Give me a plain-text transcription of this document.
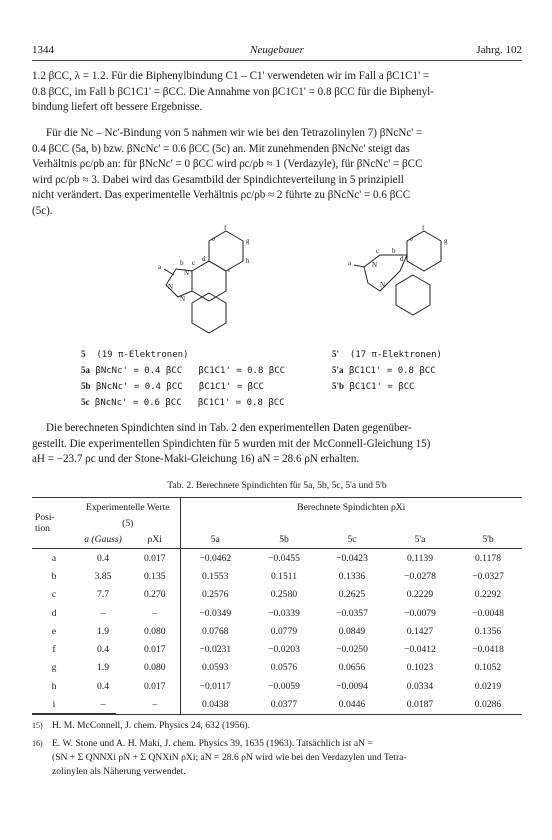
1344	Neugebauer	Jahrg. 102

1.2 βCC, λ = 1.2. Für die Biphenylbindung C1 – C1' verwendeten wir im Fall a βC1C1' =

0.8 βCC, im Fall b βC1C1' = βCC. Die Annahme von βC1C1' = 0.8 βCC für die Biphenyl-

bindung liefert oft bessere Ergebnisse.

Für die Nc – Nc'-Bindung von 5 nahmen wir wie bei den Tetrazolinylen 7) βNcNc' =

0.4 βCC (5a, b) bzw. βNcNc' = 0.6 βCC (5c) an. Mit zunehmenden βNcNc' steigt das

Verhältnis ρc/ρb an: für βNcNc' = 0 βCC wird ρc/ρb ≈ 1 (Verdazyle), für βNcNc' = βCC

wird ρc/ρb ≈ 3. Dabei wird das Gesamtbild der Spindichteverteilung in 5 prinzipiell

nicht verändert. Das experimentelle Verhältnis ρc/ρb ≈ 2 führte zu βNcNc' = 0.6 βCC

(5c).

f
g
h
i
e
d
b c
a
N
N
N
f
g
e
d
c b
a	N
N
5 (19 π-Elektronen)
5a βNcNc' = 0.4 βCC   βC1C1' = 0.8 βCC
5b βNcNc' = 0.4 βCC   βC1C1' = βCC
5c βNcNc' = 0.6 βCC   βC1C1' = 0.8 βCC
5' (17 π-Elektronen)
5'a βC1C1' = 0.8 βCC
5'b βC1C1' = βCC

Die berechneten Spindichten sind in Tab. 2 den experimentellen Daten gegenüber-

gestellt. Die experimentellen Spindichten für 5 wurden mit der McConnell-Gleichung 15)

aH = −23.7 ρc und der Stone-Maki-Gleichung 16) aN = 28.6 ρN erhalten.

Tab. 2. Berechnete Spindichten für 5a, 5b, 5c, 5'a und 5'b
Posi-
tion	Experimentelle Werte		Berechnete Spindichten ρXi				
	(5)						
	a (Gauss)	ρXi	5a	5b	5c	5'a	5'b
a	0.4	0.017	−0.0462	−0.0455	−0.0423	0.1139	0.1178
b	3.85	0.135	0.1553	0.1511	0.1336	−0.0278	−0.0327
c	7.7	0.270	0.2576	0.2580	0.2625	0.2229	0.2292
d	–	–	−0.0349	−0.0339	−0.0357	−0.0079	−0.0048
e	1.9	0.080	0.0768	0.0779	0.0849	0.1427	0.1356
f	0.4	0.017	−0.0231	−0.0203	−0.0250	−0.0412	−0.0418
g	1.9	0.080	0.0593	0.0576	0.0656	0.1023	0.1052
h	0.4	0.017	−0.0117	−0.0059	−0.0094	0.0334	0.0219
i	–	–	0.0438	0.0377	0.0446	0.0187	0.0286
15) H. M. McConnell, J. chem. Physics 24, 632 (1956).
16) E. W. Stone und A. H. Maki, J. chem. Physics 39, 1635 (1963). Tatsächlich ist aN =
(SN + Σ QNNXi ρN + Σ QNXiN ρXi; aN = 28.6 ρN wird wie bei den Verdazylen und Tetra-
zolinylen als Näherung verwendet.
